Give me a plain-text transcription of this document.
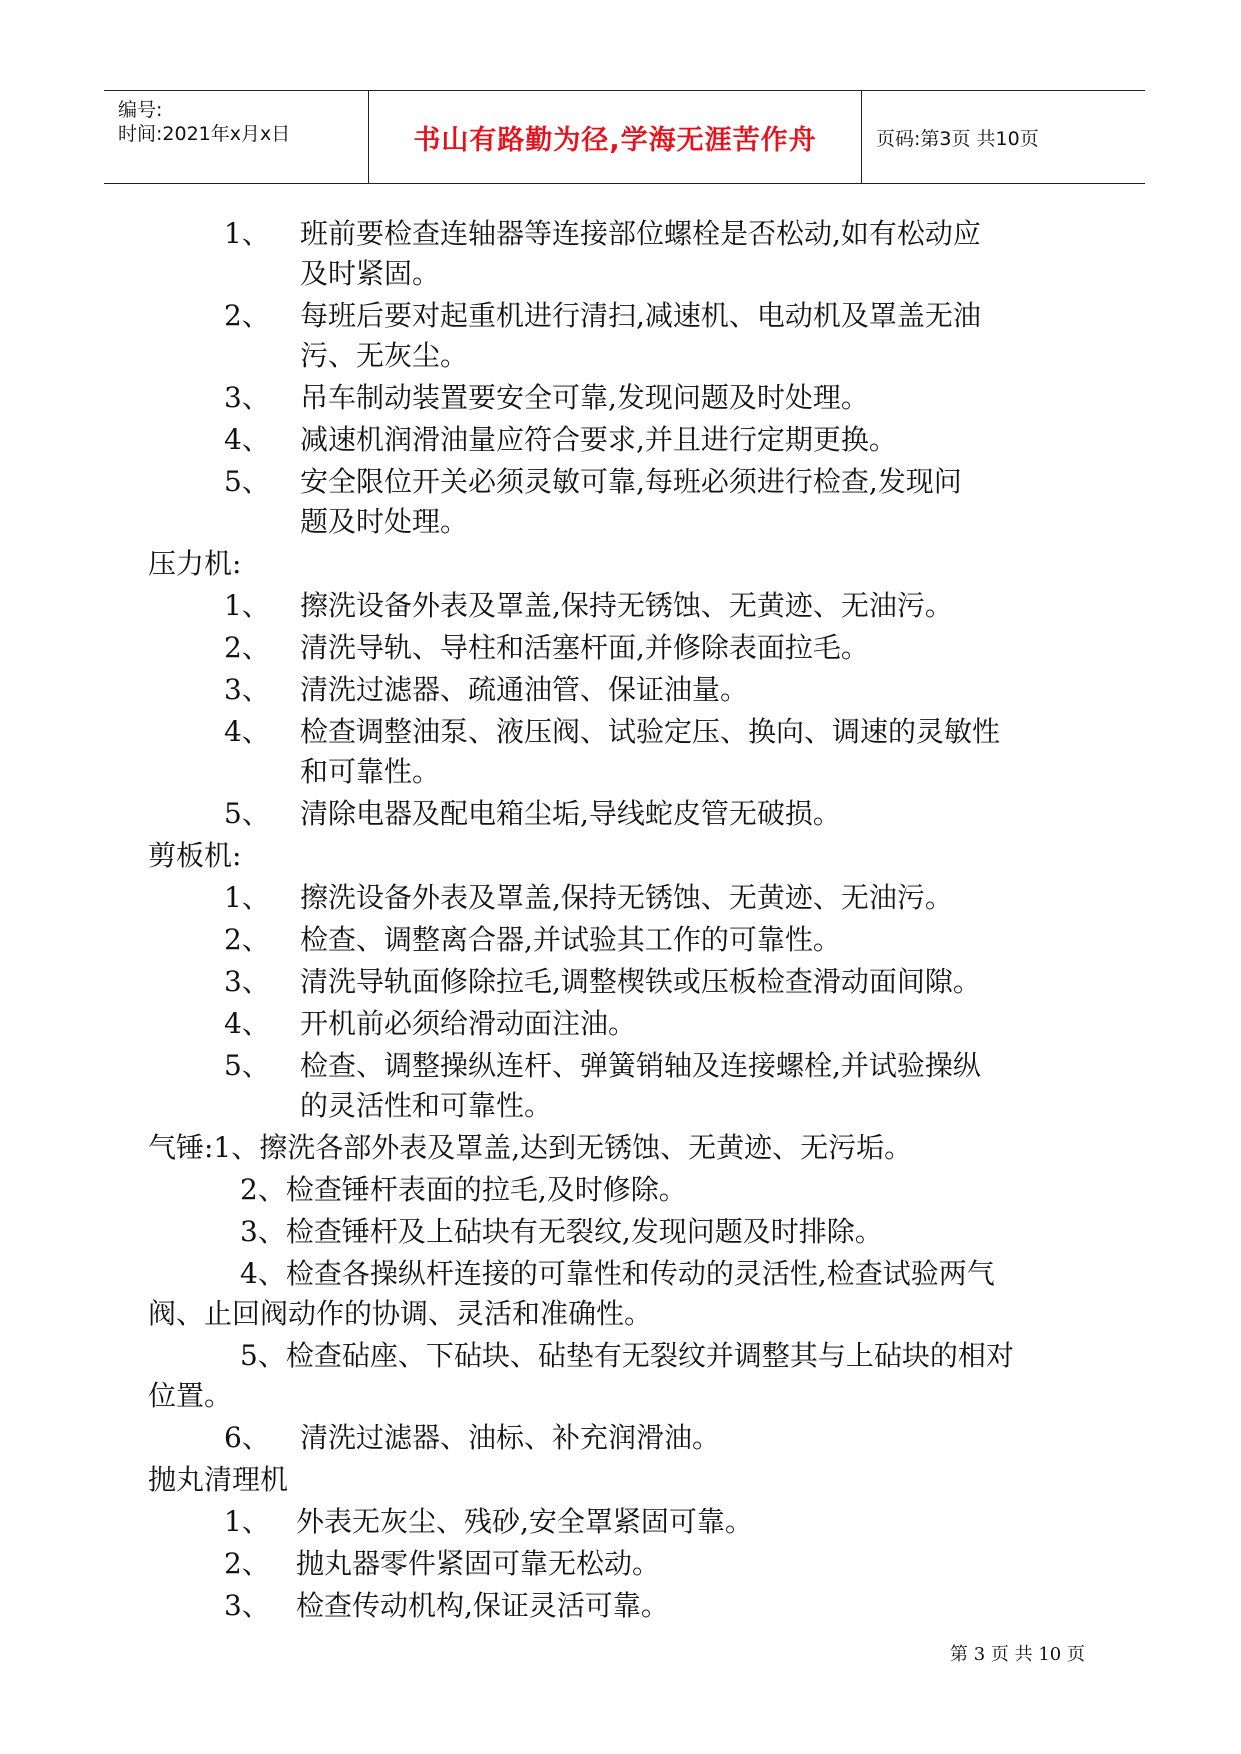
编号:
时间:2021年x月x日	书山有路勤为径,学海无涯苦作舟	页码:第3页 共10页
1、 班前要检查连轴器等连接部位螺栓是否松动,如有松动应
及时紧固。
2、 每班后要对起重机进行清扫,减速机、电动机及罩盖无油
污、无灰尘。
3、 吊车制动装置要安全可靠,发现问题及时处理。
4、 减速机润滑油量应符合要求,并且进行定期更换。
5、 安全限位开关必须灵敏可靠,每班必须进行检查,发现问
题及时处理。
压力机:
1、 擦洗设备外表及罩盖,保持无锈蚀、无黄迹、无油污。
2、 清洗导轨、导柱和活塞杆面,并修除表面拉毛。
3、 清洗过滤器、疏通油管、保证油量。
4、 检查调整油泵、液压阀、试验定压、换向、调速的灵敏性
和可靠性。
5、 清除电器及配电箱尘垢,导线蛇皮管无破损。
剪板机:
1、 擦洗设备外表及罩盖,保持无锈蚀、无黄迹、无油污。
2、 检查、调整离合器,并试验其工作的可靠性。
3、 清洗导轨面修除拉毛,调整楔铁或压板检查滑动面间隙。
4、 开机前必须给滑动面注油。
5、 检查、调整操纵连杆、弹簧销轴及连接螺栓,并试验操纵
的灵活性和可靠性。
气锤:1、擦洗各部外表及罩盖,达到无锈蚀、无黄迹、无污垢。
2、检查锤杆表面的拉毛,及时修除。
3、检查锤杆及上砧块有无裂纹,发现问题及时排除。
4、检查各操纵杆连接的可靠性和传动的灵活性,检查试验两气
阀、止回阀动作的协调、灵活和准确性。
5、检查砧座、下砧块、砧垫有无裂纹并调整其与上砧块的相对
位置。
6、 清洗过滤器、油标、补充润滑油。
抛丸清理机
1、 外表无灰尘、残砂,安全罩紧固可靠。
2、 抛丸器零件紧固可靠无松动。
3、 检查传动机构,保证灵活可靠。
第 3 页 共 10 页
